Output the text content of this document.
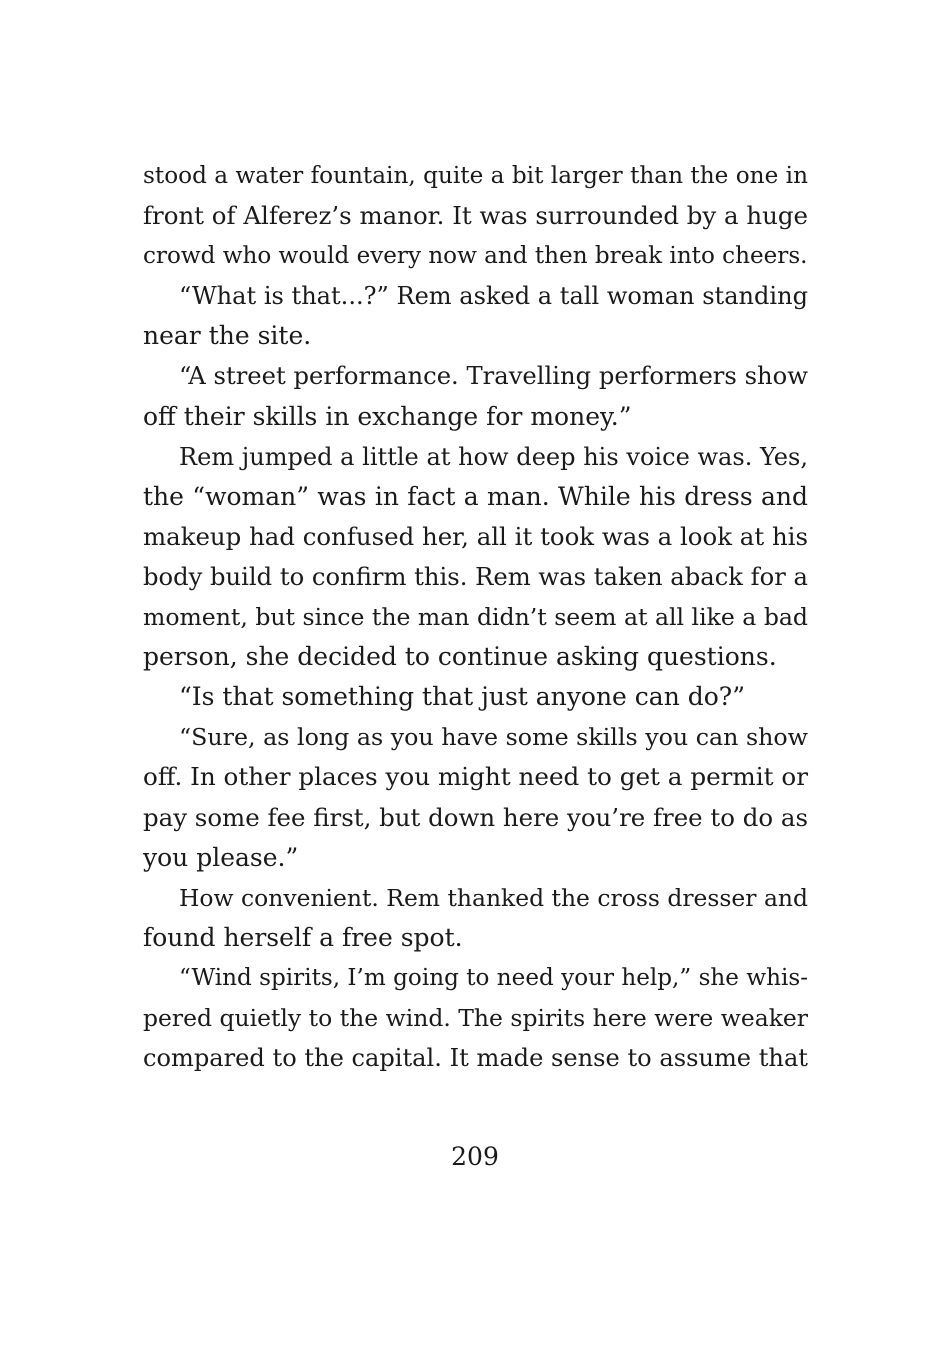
stood a water fountain, quite a bit larger than the one in
front of Alferez’s manor. It was surrounded by a huge
crowd who would every now and then break into cheers.
“What is that...?” Rem asked a tall woman standing
near the site.
“A street performance. Travelling performers show
off their skills in exchange for money.”
Rem jumped a little at how deep his voice was. Yes,
the “woman” was in fact a man. While his dress and
makeup had confused her, all it took was a look at his
body build to confirm this. Rem was taken aback for a
moment, but since the man didn’t seem at all like a bad
person, she decided to continue asking questions.
“Is that something that just anyone can do?”
“Sure, as long as you have some skills you can show
off. In other places you might need to get a permit or
pay some fee first, but down here you’re free to do as
you please.”
How convenient. Rem thanked the cross dresser and
found herself a free spot.
“Wind spirits, I’m going to need your help,” she whis-
pered quietly to the wind. The spirits here were weaker
compared to the capital. It made sense to assume that
209
